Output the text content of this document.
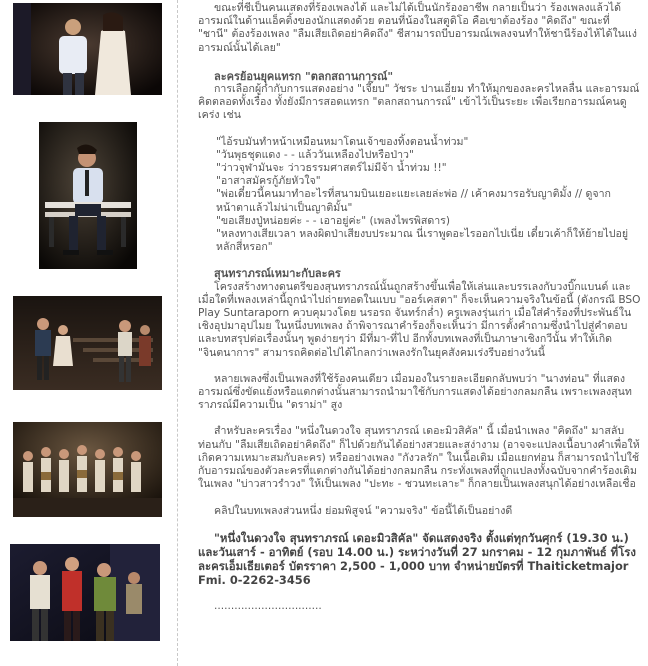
ขณะที่ชีเป็นคนแสดงที่ร้องเพลงได้ และไม่ได้เป็นนักร้องอาชีพ กลายเป็นว่า ร้องเพลงแล้วได้อารมณ์ในด้านแอ็คติ้งของนักแสดงด้วย ตอนที่น้องในสตูดิโอ คือเขาต้องร้อง "คิดถึง" ขณะที่ "ชานี" ต้องร้องเพลง "ลืมเสียเถิดอย่าคิดถึง" ชีสามารถบีบอารมณ์เพลงจนทำให้ชานีร้องไห้ได้ในแง่อารมณ์นั้นได้เลย"

ละครย้อนยุคแทรก "ตลกสถานการณ์"

การเลือกผู้กำกับการแสดงอย่าง "เจี๊ยบ" วัชระ ปานเอี่ยม ทำให้มุกของละครไหลลื่น และอารมณ์คิดตลอดทั้งเรื่อง ทั้งยังมีการสอดแทรก "ตลกสถานการณ์" เข้าไว้เป็นระยะ เพื่อเรียกอารมณ์คนดูเคร่ง เช่น

"ไอ้รบมันทำหน้าเหมือนหมาโดนเจ้าของทิ้งตอนน้ำท่วม"

"วันพุธชุดแดง - - แล้ววันเหลืองไปหรือป่าว"

"ว่าวจุฬามันจะ ว่าวธรรมศาสตร์ไม่มีจ้า น้ำท่วม !!"

"อาสาสมัครกู้ภัยหัวใจ"

"พ่อเดี๋ยวนี้คนมาทำอะไรที่สนามบินเยอะแยะเลยล่ะพ่อ // เค้าคงมารอรับญาติมั้ง // ดูจากหน้าตาแล้วไม่น่าเป็นญาติมั้น"

"ขอเสียงปู่หน่อยค่ะ - - เอาอยู่ค่ะ" (เพลงไพรพิสดาร)

"หลงทางเสียเวลา หลงผิดป่าเสียงบประมาณ นี่เราพูดอะไรออกไปเนี่ย เดี๋ยวเค้าก็ให้ย้ายไปอยู่หลักสี่หรอก"

สุนทราภรณ์เหมาะกับละคร

โครงสร้างทางดนตรีของสุนทราภรณ์นั้นถูกสร้างขึ้นเพื่อให้เล่นและบรรเลงกับวงบิ๊กแบนด์ และเมื่อใดที่เพลงเหล่านี้ถูกนำไปถ่ายทอดในแบบ "ออร์เคสตา" ก็จะเห็นความจริงในข้อนี้ (ดังกรณี BSO Play Suntaraporn ควบคุมวงโดย นรอรถ จันทร์กล่ำ) ครูเพลงรุ่นเก่า เมื่อใส่คำร้องที่ประพันธ์ในเชิงอุปมาอุปไมย ในหนึ่งบทเพลง ถ้าพิจารณาคำร้องก็จะเห็นว่า มีการตั้งคำถามซึ่งนำไปสู่คำตอบและบทสรุปต่อเรื่องนั้นๆ พูดง่ายๆว่า มีที่มา-ที่ไป อีกทั้งบทเพลงที่เป็นภาษาเชิงกวีนั้น ทำให้เกิด "จินตนาการ" สามารถคิดต่อไปได้ไกลกว่าเพลงรักในยุคสังคมเร่งรีบอย่างวันนี้

หลายเพลงซึ่งเป็นเพลงที่ใช้ร้องคนเดียว เมื่อมองในรายละเอียดกลับพบว่า "นางท่อน" ที่แสดงอารมณ์ซึ่งขัดแย้งหรือแตกต่างนั้นสามารถนำมาใช้กับการแสดงได้อย่างกลมกลืน เพราะเพลงสุนทราภรณ์มีความเป็น "ดราม่า" สูง

สำหรับละครเรื่อง "หนึ่งในดวงใจ สุนทราภรณ์ เดอะมิวสิคัล" นี้ เมื่อนำเพลง "คิดถึง" มาสลับท่อนกับ "ลืมเสียเถิดอย่าคิดถึง" ก็ไปด้วยกันได้อย่างสวยและสง่างาม (อาจจะแปลงเนื้อบางคำเพื่อให้เกิดความเหมาะสมกับละคร) หรืออย่างเพลง "กังวลรัก" ในเนื้อเดิม เมื่อแยกท่อน ก็สามารถนำไปใช้กับอารมณ์ของตัวละครที่แตกต่างกันได้อย่างกลมกลืน กระทั่งเพลงที่ถูกแปลงทั้งฉบับจากคำร้องเดิมในเพลง "บ่าวสาวรำวง" ให้เป็นเพลง "ปะทะ - ชวนทะเลาะ" ก็กลายเป็นเพลงสนุกได้อย่างเหลือเชื่อ

คลิปในบทเพลงส่วนหนึ่ง ย่อมพิสูจน์ "ความจริง" ข้อนี้ได้เป็นอย่างดี

"หนึ่งในดวงใจ สุนทราภรณ์ เดอะมิวสิคัล" จัดแสดงจริง ตั้งแต่ทุกวันศุกร์ (19.30 น.) และวันเสาร์ - อาทิตย์ (รอบ 14.00 น.) ระหว่างวันที่ 27 มกราคม - 12 กุมภาพันธ์ ที่โรงละครเอ็มเธียเตอร์ บัตรราคา 2,500 - 1,000 บาท จำหน่ายบัตรที่ Thaiticketmajor Fmi. 0-2262-3456

................................
